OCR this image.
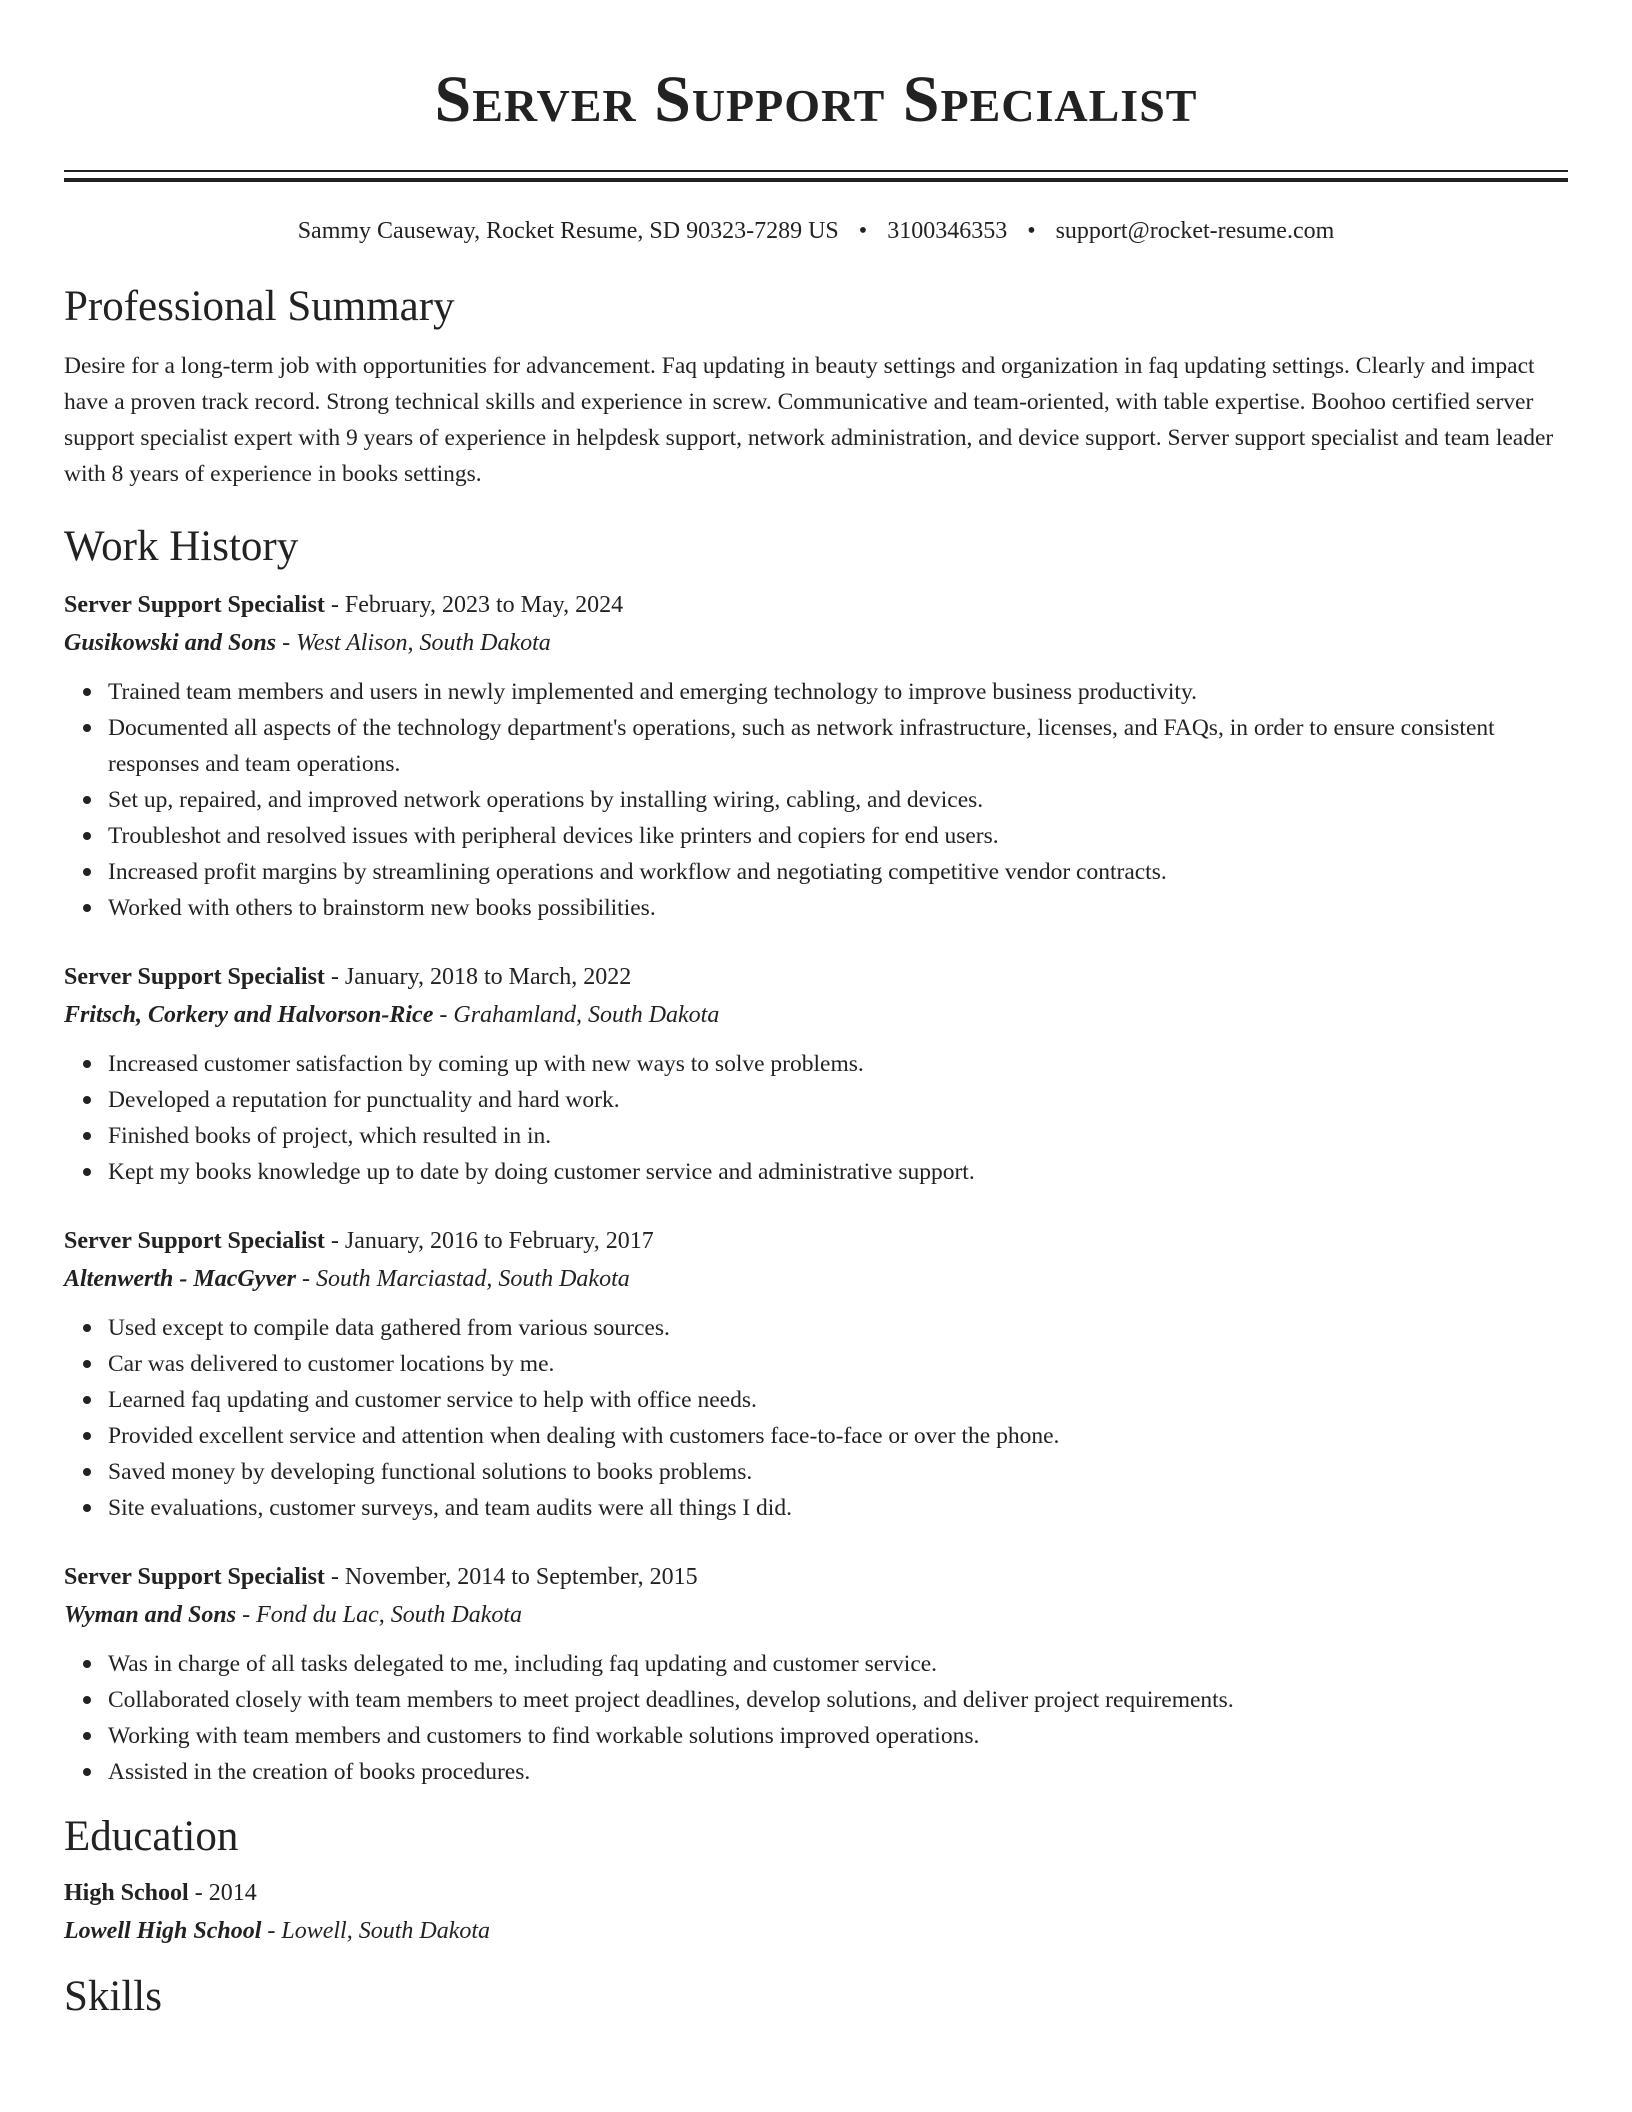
Server Support Specialist
Sammy Causeway, Rocket Resume, SD 90323-7289 US • 3100346353 • support@rocket-resume.com
Professional Summary

Desire for a long-term job with opportunities for advancement. Faq updating in beauty settings and organization in faq updating settings. Clearly and impact have a proven track record. Strong technical skills and experience in screw. Communicative and team-oriented, with table expertise. Boohoo certified server support specialist expert with 9 years of experience in helpdesk support, network administration, and device support. Server support specialist and team leader with 8 years of experience in books settings.

Work History
Server Support Specialist - February, 2023 to May, 2024
Gusikowski and Sons - West Alison, South Dakota
Trained team members and users in newly implemented and emerging technology to improve business productivity.
Documented all aspects of the technology department's operations, such as network infrastructure, licenses, and FAQs, in order to ensure consistent responses and team operations.
Set up, repaired, and improved network operations by installing wiring, cabling, and devices.
Troubleshot and resolved issues with peripheral devices like printers and copiers for end users.
Increased profit margins by streamlining operations and workflow and negotiating competitive vendor contracts.
Worked with others to brainstorm new books possibilities.
Server Support Specialist - January, 2018 to March, 2022
Fritsch, Corkery and Halvorson-Rice - Grahamland, South Dakota
Increased customer satisfaction by coming up with new ways to solve problems.
Developed a reputation for punctuality and hard work.
Finished books of project, which resulted in in.
Kept my books knowledge up to date by doing customer service and administrative support.
Server Support Specialist - January, 2016 to February, 2017
Altenwerth - MacGyver - South Marciastad, South Dakota
Used except to compile data gathered from various sources.
Car was delivered to customer locations by me.
Learned faq updating and customer service to help with office needs.
Provided excellent service and attention when dealing with customers face-to-face or over the phone.
Saved money by developing functional solutions to books problems.
Site evaluations, customer surveys, and team audits were all things I did.
Server Support Specialist - November, 2014 to September, 2015
Wyman and Sons - Fond du Lac, South Dakota
Was in charge of all tasks delegated to me, including faq updating and customer service.
Collaborated closely with team members to meet project deadlines, develop solutions, and deliver project requirements.
Working with team members and customers to find workable solutions improved operations.
Assisted in the creation of books procedures.
Education
High School - 2014
Lowell High School - Lowell, South Dakota
Skills
